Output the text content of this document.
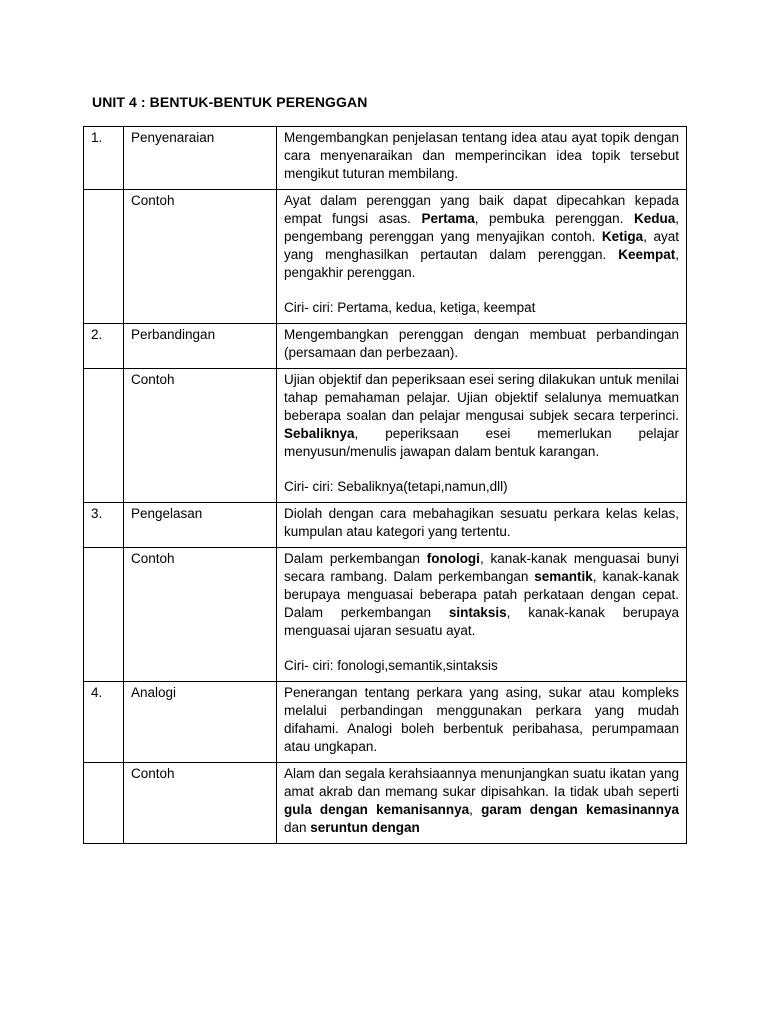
UNIT 4 : BENTUK-BENTUK PERENGGAN
1.	Penyenaraian	Mengembangkan penjelasan tentang idea atau ayat topik dengan cara menyenaraikan dan memperincikan idea topik tersebut mengikut tuturan membilang.
	Contoh	Ayat dalam perenggan yang baik dapat dipecahkan kepada empat fungsi asas. Pertama, pembuka perenggan. Kedua, pengembang perenggan yang menyajikan contoh. Ketiga, ayat yang menghasilkan pertautan dalam perenggan. Keempat, pengakhir perenggan.
Ciri- ciri: Pertama, kedua, ketiga, keempat

2.	Perbandingan	Mengembangkan perenggan dengan membuat perbandingan (persamaan dan perbezaan).
	Contoh	Ujian objektif dan peperiksaan esei sering dilakukan untuk menilai tahap pemahaman pelajar. Ujian objektif selalunya memuatkan beberapa soalan dan pelajar mengusai subjek secara terperinci. Sebaliknya, peperiksaan esei memerlukan pelajar menyusun/menulis jawapan dalam bentuk karangan.
Ciri- ciri: Sebaliknya(tetapi,namun,dll)

3.	Pengelasan	Diolah dengan cara mebahagikan sesuatu perkara kelas kelas, kumpulan atau kategori yang tertentu.
	Contoh	Dalam perkembangan fonologi, kanak-kanak menguasai bunyi secara rambang. Dalam perkembangan semantik, kanak-kanak berupaya menguasai beberapa patah perkataan dengan cepat. Dalam perkembangan sintaksis, kanak-kanak berupaya menguasai ujaran sesuatu ayat.
Ciri- ciri: fonologi,semantik,sintaksis

4.	Analogi	Penerangan tentang perkara yang asing, sukar atau kompleks melalui perbandingan menggunakan perkara yang mudah difahami. Analogi boleh berbentuk peribahasa, perumpamaan atau ungkapan.
	Contoh	Alam dan segala kerahsiaannya menunjangkan suatu ikatan yang amat akrab dan memang sukar dipisahkan. Ia tidak ubah seperti gula dengan kemanisannya, garam dengan kemasinannya dan seruntun dengan
